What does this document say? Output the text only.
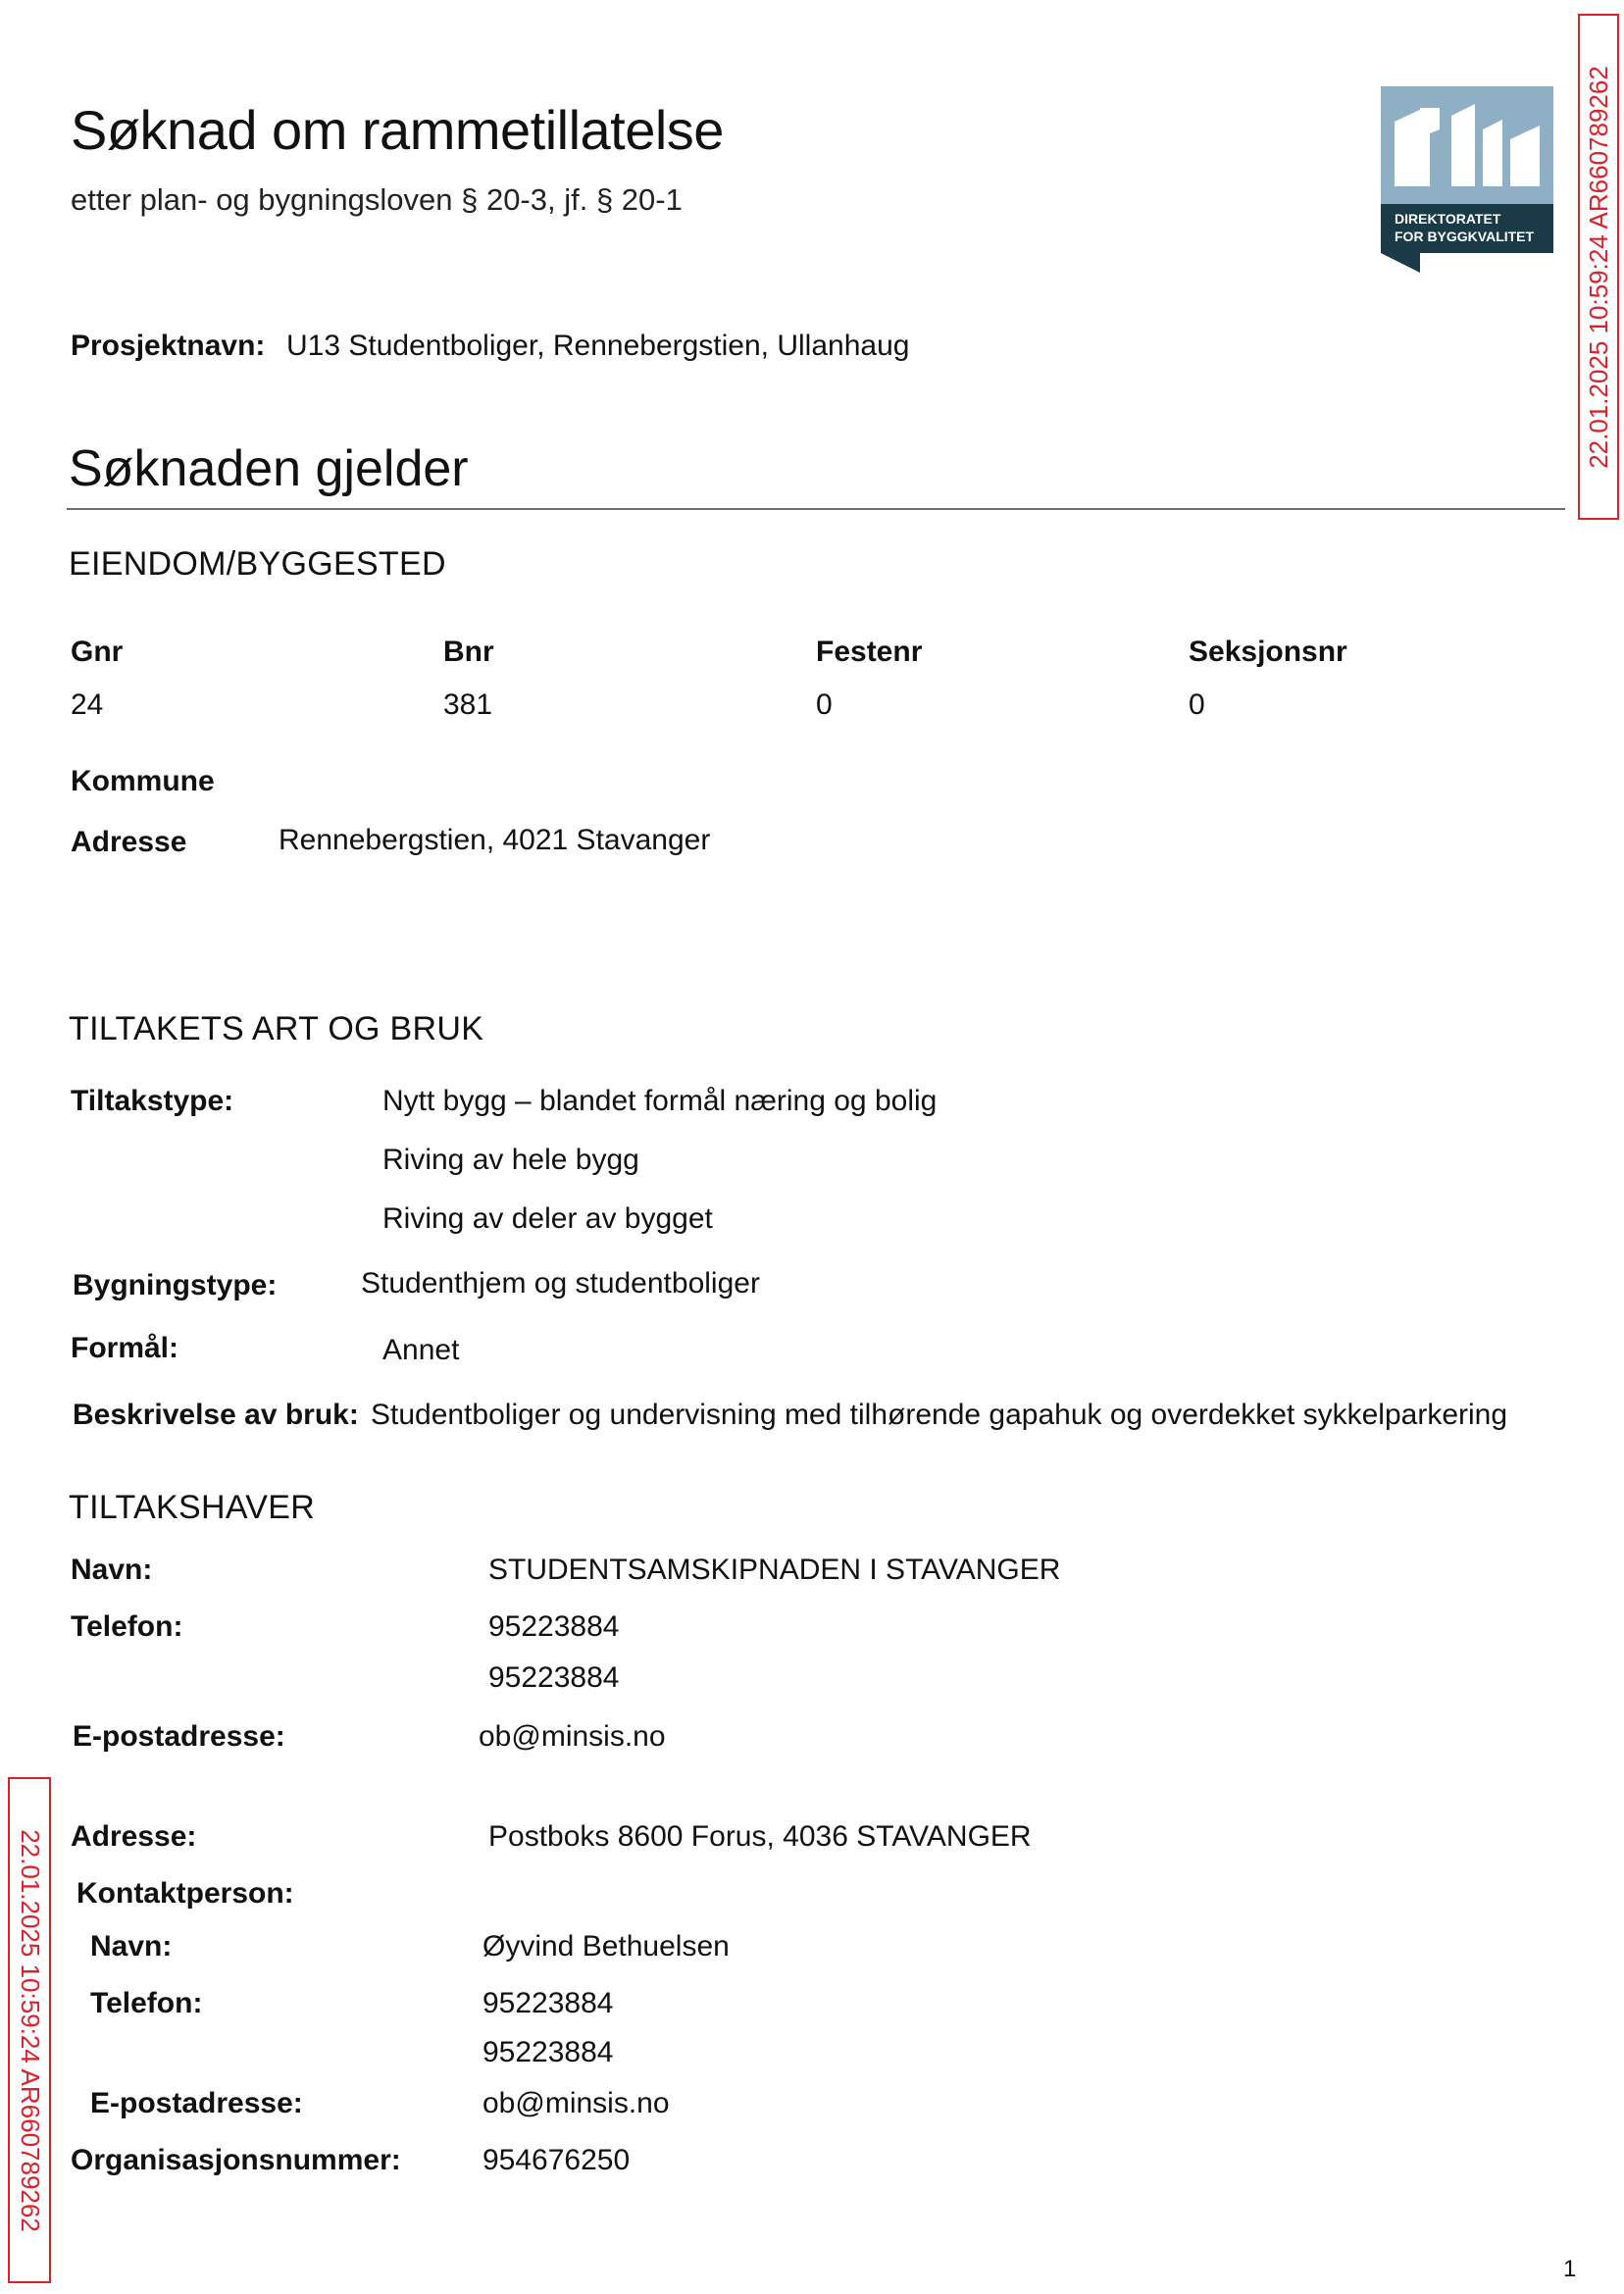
Søknad om rammetillatelse
etter plan- og bygningsloven § 20-3, jf. § 20-1
DIREKTORATET
FOR BYGGKVALITET 22.01.2025 10:59:24 AR660789262
22.01.2025 10:59:24 AR660789262
Prosjektnavn: U13 Studentboliger, Rennebergstien, Ullanhaug
Søknaden gjelder
EIENDOM/BYGGESTED
Gnr	Bnr	Festenr	Seksjonsnr
24	381	0	0
Kommune
Adresse	Rennebergstien, 4021 Stavanger
TILTAKETS ART OG BRUK
Tiltakstype:	Nytt bygg – blandet formål næring og bolig
Riving av hele bygg
Riving av deler av bygget
Bygningstype:	Studenthjem og studentboliger
Formål:	Annet
Beskrivelse av bruk: Studentboliger og undervisning med tilhørende gapahuk og overdekket sykkelparkering
TILTAKSHAVER
Navn:	STUDENTSAMSKIPNADEN I STAVANGER
Telefon:	95223884
95223884
E-postadresse:	ob@minsis.no
Adresse:	Postboks 8600 Forus, 4036 STAVANGER
Kontaktperson:
Navn:	Øyvind Bethuelsen
Telefon:	95223884
95223884
E-postadresse:	ob@minsis.no
Organisasjonsnummer:	954676250
1
